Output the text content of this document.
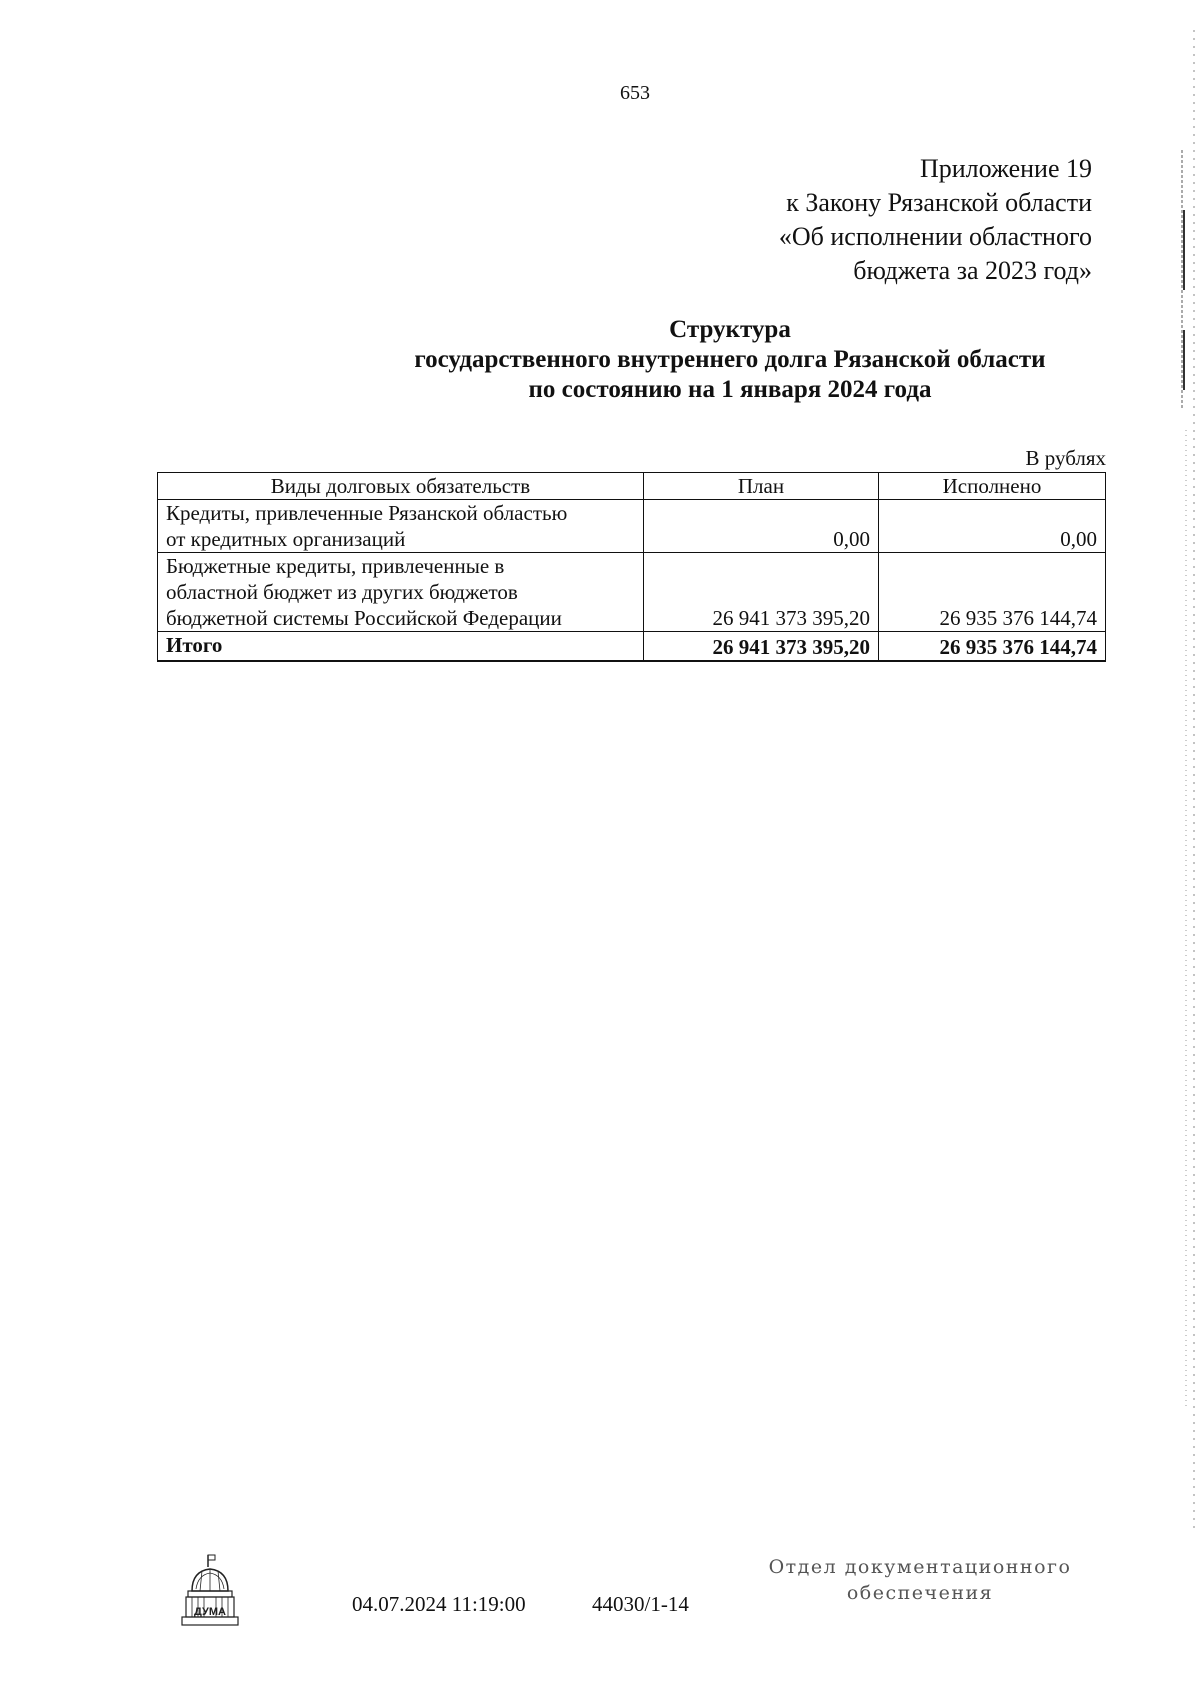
653
Приложение 19
к Закону Рязанской области
«Об исполнении областного
бюджета за 2023 год»
Структура
государственного внутреннего долга Рязанской области
по состоянию на 1 января 2024 года
В рублях
Виды долговых обязательств	План	Исполнено

Кредиты, привлеченные Рязанской областью
от кредитных организаций	0,00	0,00

Бюджетные кредиты, привлеченные в
областной бюджет из других бюджетов
бюджетной системы Российской Федерации	26 941 373 395,20	26 935 376 144,74
Итого	26 941 373 395,20	26 935 376 144,74
ДУМА	04.07.2024 11:19:00	44030/1-14
Отдел документационного
обеспечения
